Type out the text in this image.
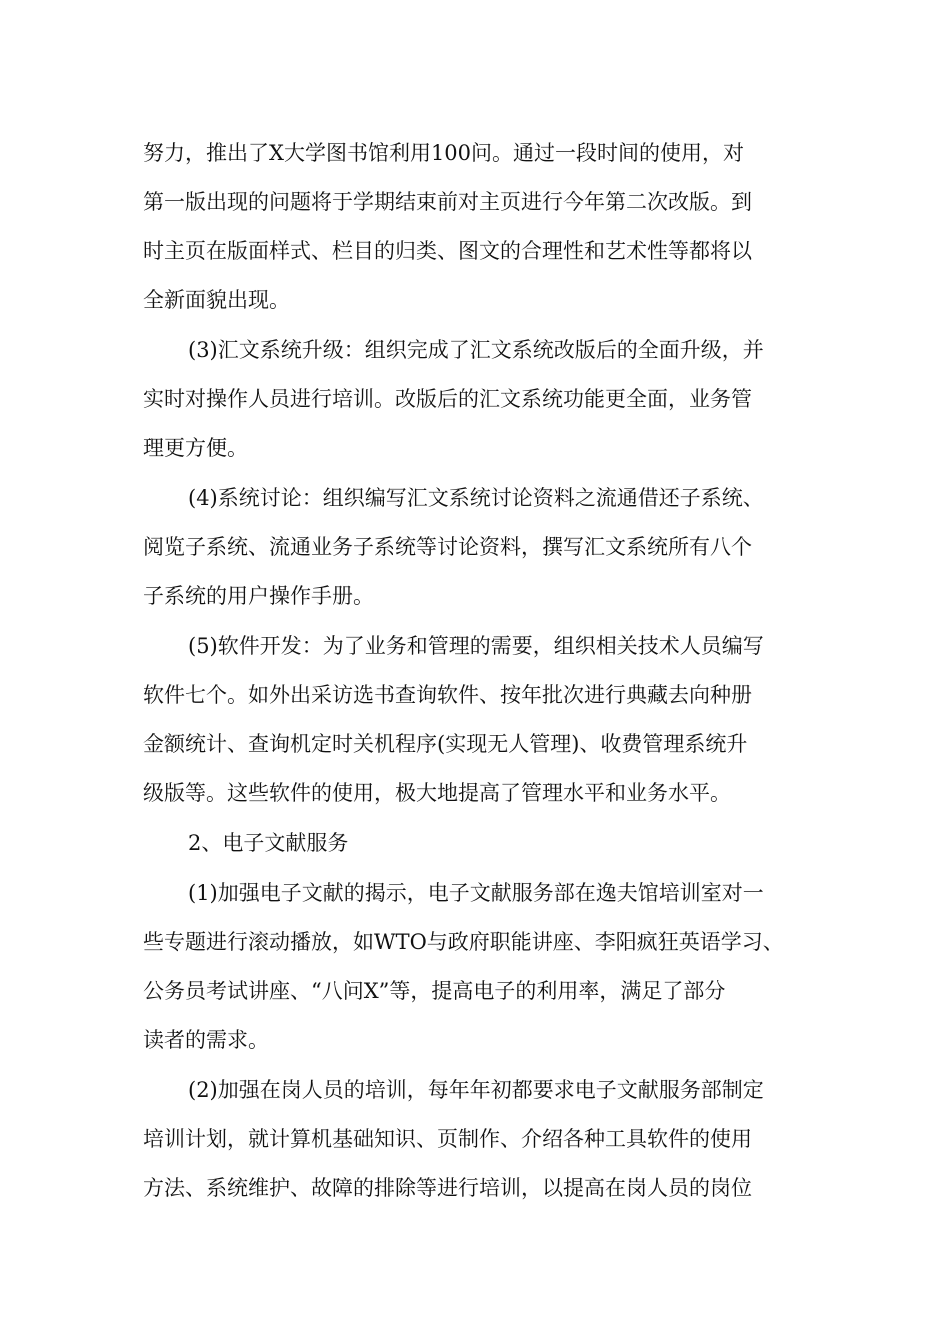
努力，推出了X大学图书馆利用100问。通过一段时间的使用，对
第一版出现的问题将于学期结束前对主页进行今年第二次改版。到
时主页在版面样式、栏目的归类、图文的合理性和艺术性等都将以
全新面貌出现。
(3)汇文系统升级：组织完成了汇文系统改版后的全面升级，并
实时对操作人员进行培训。改版后的汇文系统功能更全面，业务管
理更方便。
(4)系统讨论：组织编写汇文系统讨论资料之流通借还子系统、
阅览子系统、流通业务子系统等讨论资料，撰写汇文系统所有八个
子系统的用户操作手册。
(5)软件开发：为了业务和管理的需要，组织相关技术人员编写
软件七个。如外出采访选书查询软件、按年批次进行典藏去向种册
金额统计、查询机定时关机程序(实现无人管理)、收费管理系统升
级版等。这些软件的使用，极大地提高了管理水平和业务水平。
2、电子文献服务
(1)加强电子文献的揭示，电子文献服务部在逸夫馆培训室对一
些专题进行滚动播放，如WTO与政府职能讲座、李阳疯狂英语学习、
公务员考试讲座、“八问X”等，提高电子的利用率，满足了部分
读者的需求。
(2)加强在岗人员的培训，每年年初都要求电子文献服务部制定
培训计划，就计算机基础知识、页制作、介绍各种工具软件的使用
方法、系统维护、故障的排除等进行培训，以提高在岗人员的岗位
